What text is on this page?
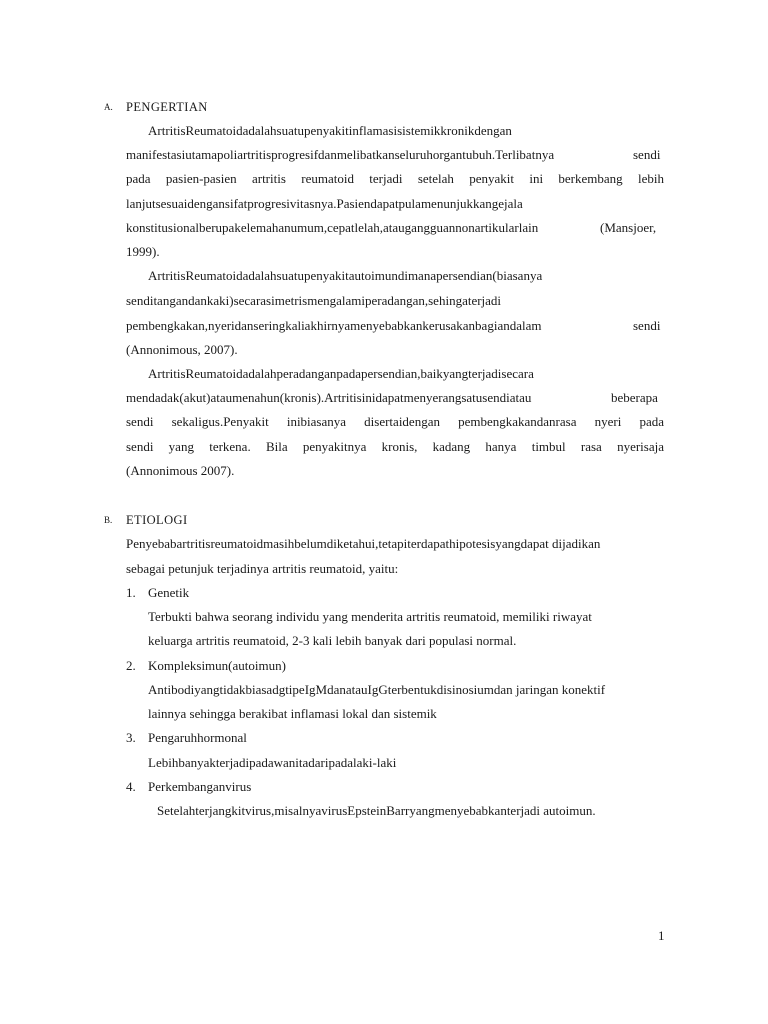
A. PENGERTIAN

ArtritisReumatoidadalahsuatupenyakitinflamasisistemikkronikdengan

manifestasiutamapoliartritisprogresifdanmelibatkanseluruhorgantubuh.Terlibatnya	sendi

pada pasien-pasien artritis reumatoid terjadi setelah penyakit ini berkembang lebih

lanjutsesuaidengansifatprogresivitasnya.Pasiendapatpulamenunjukkangejala

konstitusionalberupakelemahanumum,cepatlelah,ataugangguannonartikularlain	(Mansjoer,

1999).

ArtritisReumatoidadalahsuatupenyakitautoimundimanapersendian(biasanya

senditangandankaki)secarasimetrismengalamiperadangan,sehingaterjadi

pembengkakan,nyeridanseringkaliakhirnyamenyebabkankerusakanbagiandalam	sendi

(Annonimous, 2007).

ArtritisReumatoidadalahperadanganpadapersendian,baikyangterjadisecara

mendadak(akut)ataumenahun(kronis).Artritisinidapatmenyerangsatusendiatau	beberapa

sendi sekaligus.Penyakit inibiasanya disertaidengan pembengkakandanrasa nyeri pada

sendi yang terkena. Bila penyakitnya kronis, kadang hanya timbul rasa nyerisaja

(Annonimous 2007).

B. ETIOLOGI

Penyebabartritisreumatoidmasihbelumdiketahui,tetapiterdapathipotesisyangdapat dijadikan

sebagai petunjuk terjadinya artritis reumatoid, yaitu:

1. Genetik

Terbukti bahwa seorang individu yang menderita artritis reumatoid, memiliki riwayat

keluarga artritis reumatoid, 2-3 kali lebih banyak dari populasi normal.

2. Kompleksimun(autoimun)

AntibodiyangtidakbiasadgtipeIgMdanatauIgGterbentukdisinosiumdan jaringan konektif

lainnya sehingga berakibat inflamasi lokal dan sistemik

3. Pengaruhhormonal

Lebihbanyakterjadipadawanitadaripadalaki-laki

4. Perkembanganvirus

Setelahterjangkitvirus,misalnyavirusEpsteinBarryangmenyebabkanterjadi autoimun.

1
